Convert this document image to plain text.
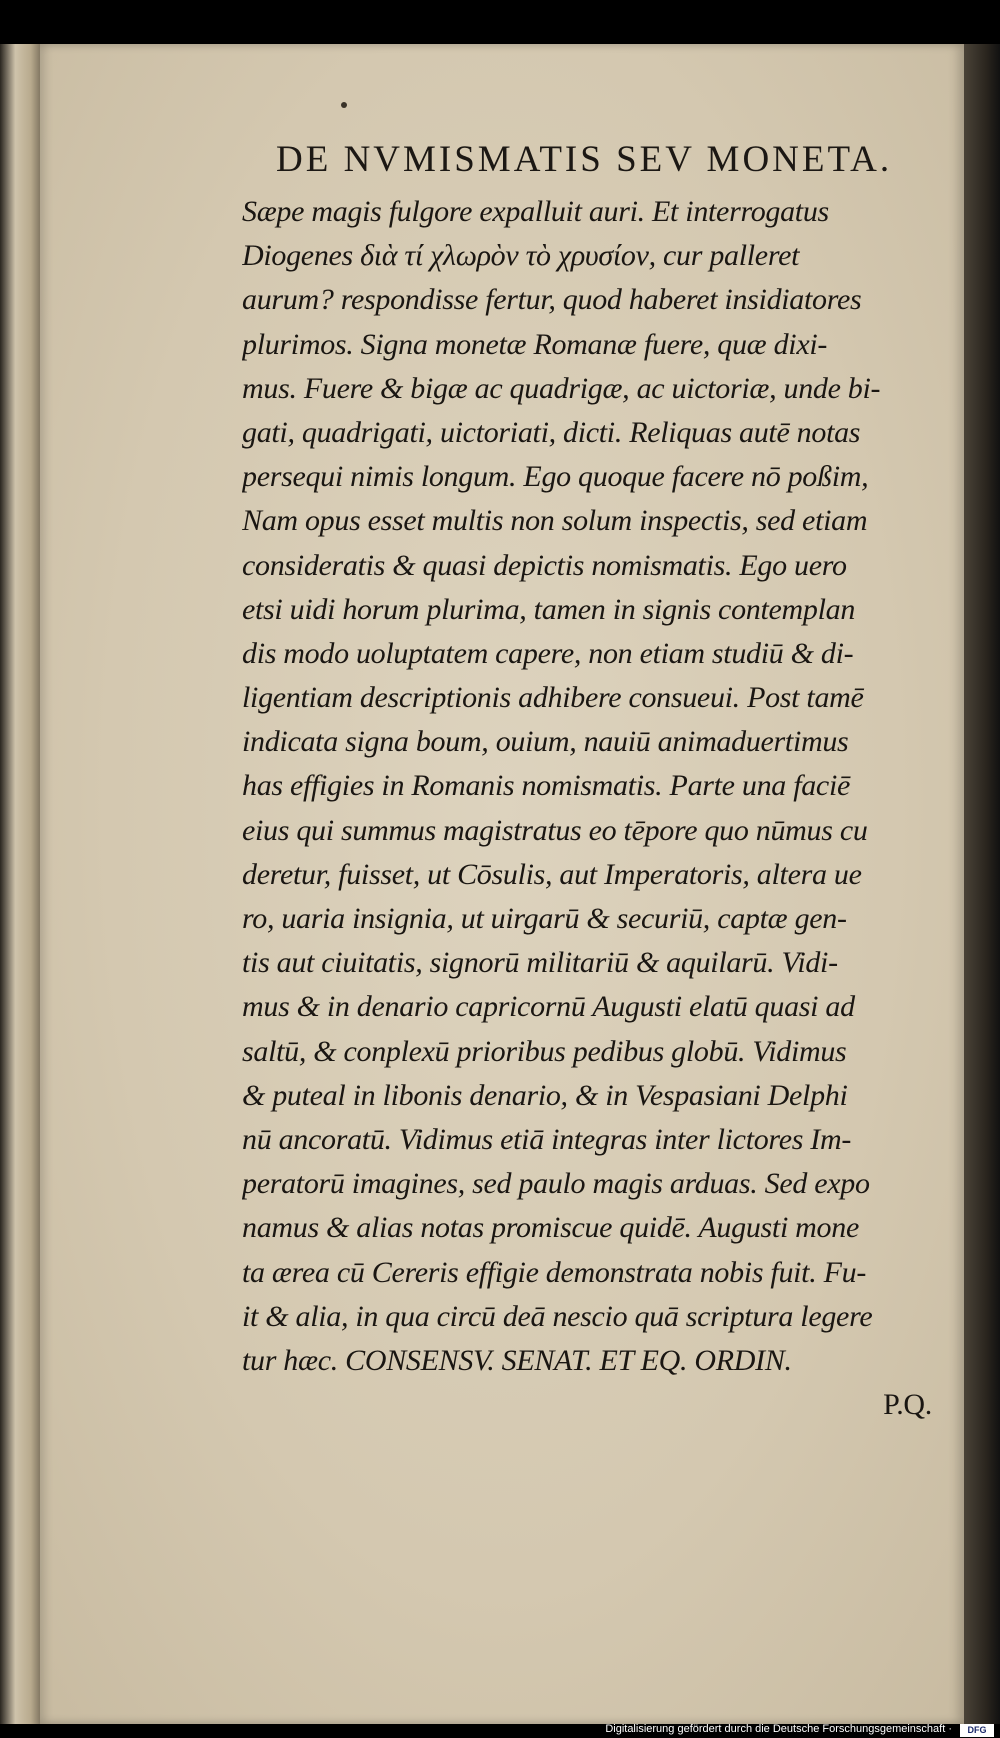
DE NVMISMATIS SEV MONETA.
Sæpe magis fulgore expalluit auri. Et interrogatus
Diogenes διὰ τί χλωρὸν τὸ χρυσίον, cur palleret
aurum? respondisse fertur, quod haberet insidiatores
plurimos. Signa monetæ Romanæ fuere, quæ dixi-
mus. Fuere & bigæ ac quadrigæ, ac uictoriæ, unde bi-
gati, quadrigati, uictoriati, dicti. Reliquas autē notas
persequi nimis longum. Ego quoque facere nō poßim,
Nam opus esset multis non solum inspectis, sed etiam
consideratis & quasi depictis nomismatis. Ego uero
etsi uidi horum plurima, tamen in signis contemplan
dis modo uoluptatem capere, non etiam studiū & di-
ligentiam descriptionis adhibere consueui. Post tamē
indicata signa boum, ouium, nauiū animaduertimus
has effigies in Romanis nomismatis. Parte una faciē
eius qui summus magistratus eo tēpore quo nūmus cu
deretur, fuisset, ut Cōsulis, aut Imperatoris, altera ue
ro, uaria insignia, ut uirgarū & securiū, captæ gen-
tis aut ciuitatis, signorū militariū & aquilarū. Vidi-
mus & in denario capricornū Augusti elatū quasi ad
saltū, & conplexū prioribus pedibus globū. Vidimus
& puteal in libonis denario, & in Vespasiani Delphi
nū ancoratū. Vidimus etiā integras inter lictores Im-
peratorū imagines, sed paulo magis arduas. Sed expo
namus & alias notas promiscue quidē. Augusti mone
ta ærea cū Cereris effigie demonstrata nobis fuit. Fu-
it & alia, in qua circū deā nescio quā scriptura legere
tur hæc. CONSENSV. SENAT. ET EQ. ORDIN.
P.Q.
Digitalisierung gefördert durch die Deutsche Forschungsgemeinschaft ·	DFG
